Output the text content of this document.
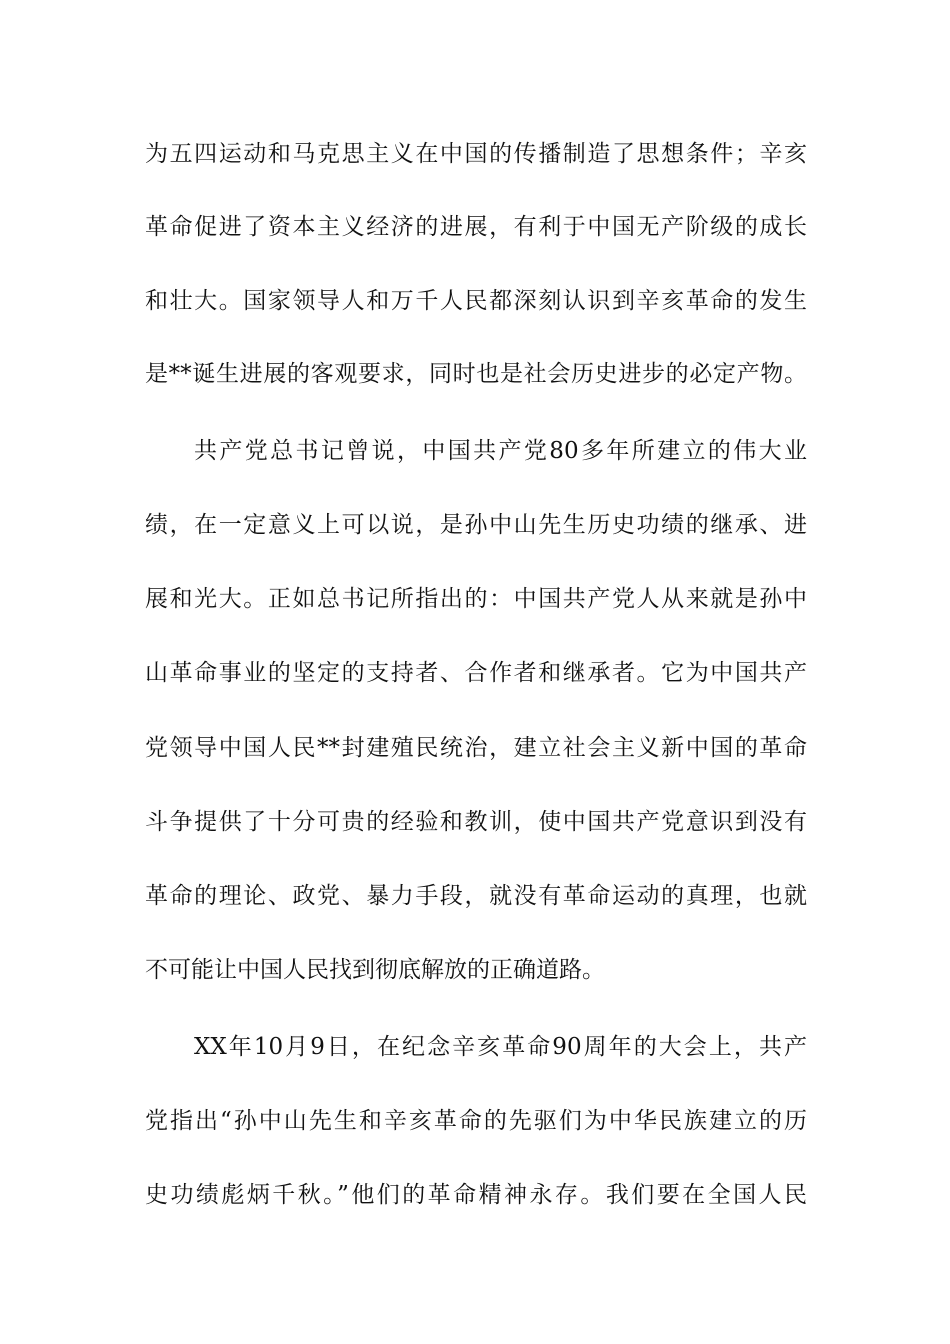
为五四运动和马克思主义在中国的传播制造了思想条件；辛亥
革命促进了资本主义经济的进展，有利于中国无产阶级的成长
和壮大。国家领导人和万千人民都深刻认识到辛亥革命的发生
是**诞生进展的客观要求，同时也是社会历史进步的必定产物。
共产党总书记曾说，中国共产党80多年所建立的伟大业
绩，在一定意义上可以说，是孙中山先生历史功绩的继承、进
展和光大。正如总书记所指出的：中国共产党人从来就是孙中
山革命事业的坚定的支持者、合作者和继承者。它为中国共产
党领导中国人民**封建殖民统治，建立社会主义新中国的革命
斗争提供了十分可贵的经验和教训，使中国共产党意识到没有
革命的理论、政党、暴力手段，就没有革命运动的真理，也就
不可能让中国人民找到彻底解放的正确道路。
XX年10月9日，在纪念辛亥革命90周年的大会上，共产
党指出“孙中山先生和辛亥革命的先驱们为中华民族建立的历
史功绩彪炳千秋。”他们的革命精神永存。我们要在全国人民
